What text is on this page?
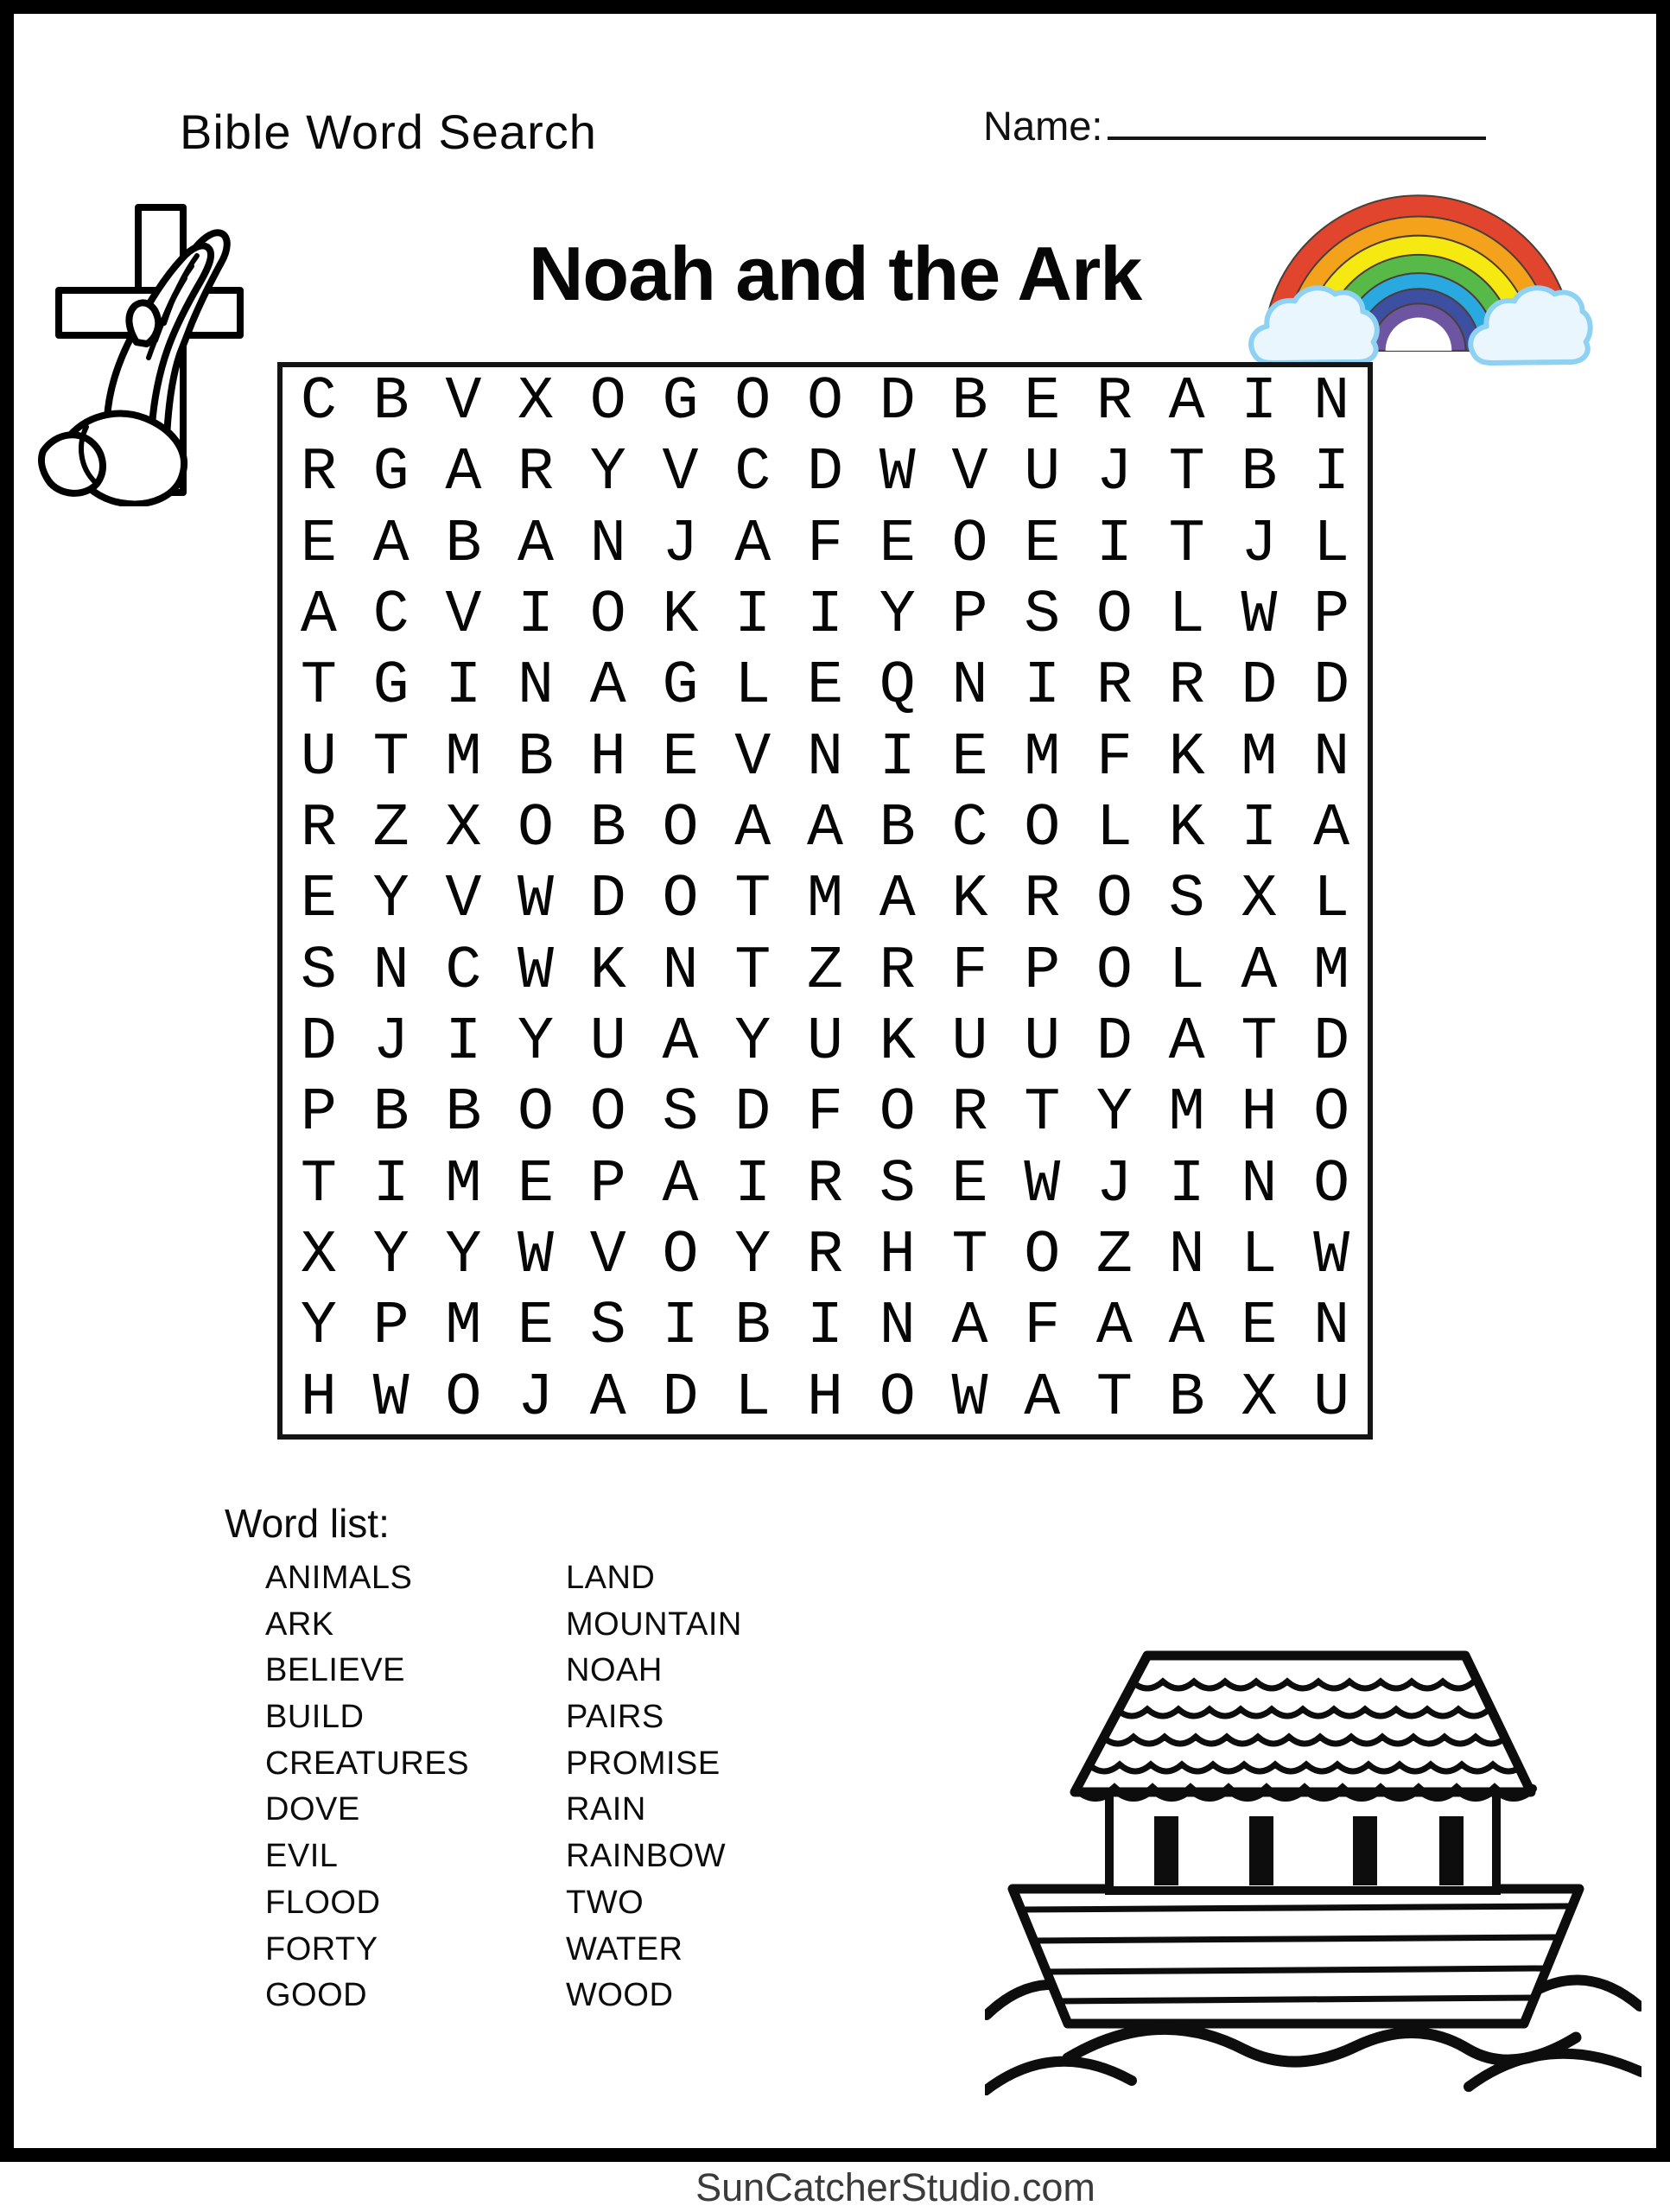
Bible Word Search	Name:
Noah and the Ark
C B V X O G O O D B E R A I N
R G A R Y V C D W V U J T B I
E A B A N J A F E O E I T J L
A C V I O K I I Y P S O L W P
T G I N A G L E Q N I R R D D
U T M B H E V N I E M F K M N
R Z X O B O A A B C O L K I A
E Y V W D O T M A K R O S X L
S N C W K N T Z R F P O L A M
D J I Y U A Y U K U U D A T D
P B B O O S D F O R T Y M H O
T I M E P A I R S E W J I N O
X Y Y W V O Y R H T O Z N L W
Y P M E S I B I N A F A A E N
H W O J A D L H O W A T B X U
Word list:
ANIMALS
ARK
BELIEVE
BUILD
CREATURES
DOVE
EVIL
FLOOD
FORTY
GOOD
LAND
MOUNTAIN
NOAH
PAIRS
PROMISE
RAIN
RAINBOW
TWO
WATER
WOOD
SunCatcherStudio.com
